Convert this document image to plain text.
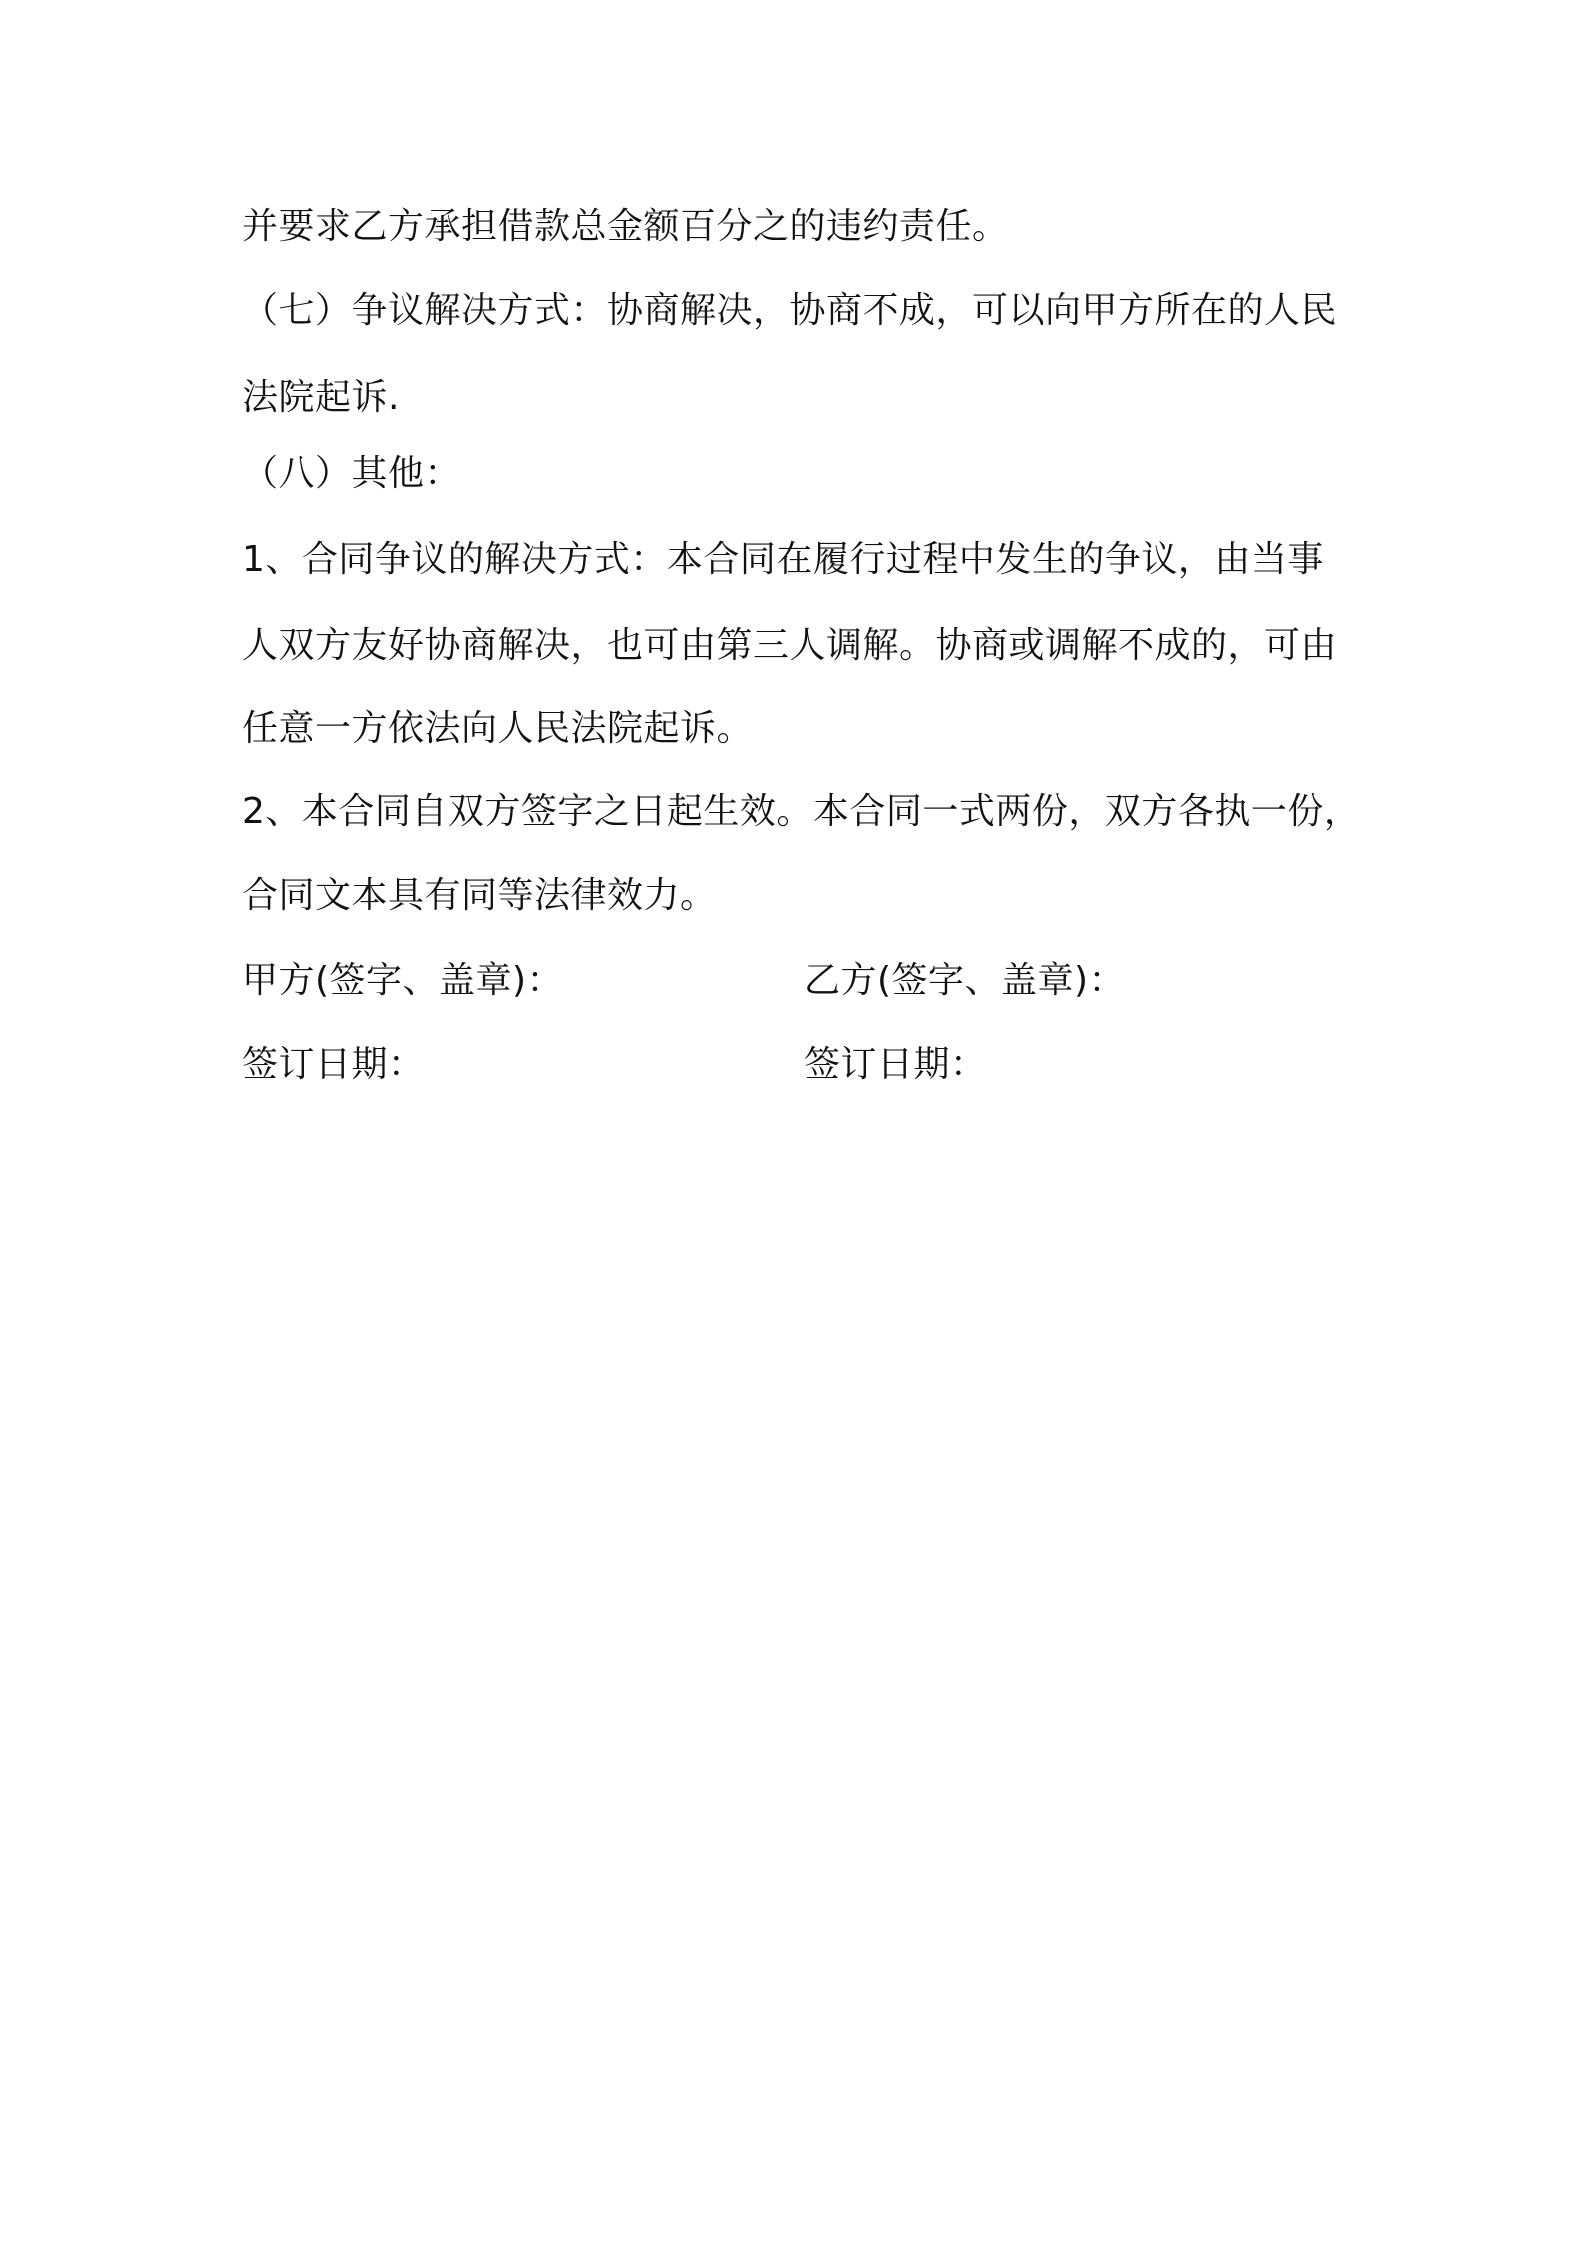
并要求乙方承担借款总金额百分之的违约责任。
（七）争议解决方式：协商解决，协商不成，可以向甲方所在的人民
法院起诉.
（八）其他：
1、合同争议的解决方式：本合同在履行过程中发生的争议，由当事
人双方友好协商解决，也可由第三人调解。协商或调解不成的，可由
任意一方依法向人民法院起诉。
2、本合同自双方签字之日起生效。本合同一式两份，双方各执一份，
合同文本具有同等法律效力。
甲方(签字、盖章)：	乙方(签字、盖章)：
签订日期：	签订日期：
